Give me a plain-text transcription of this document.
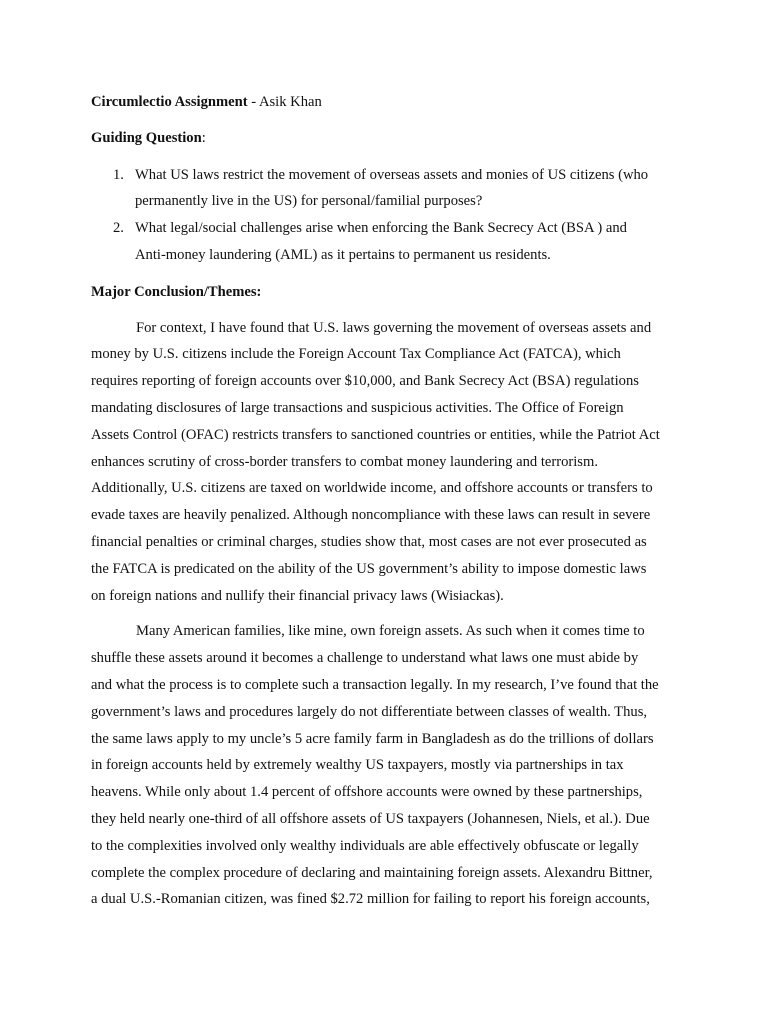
Circumlectio Assignment - Asik Khan

Guiding Question:

1. What US laws restrict the movement of overseas assets and monies of US citizens (who
permanently live in the US) for personal/familial purposes?
2. What legal/social challenges arise when enforcing the Bank Secrecy Act (BSA ) and
Anti-money laundering (AML) as it pertains to permanent us residents.

Major Conclusion/Themes:

For context, I have found that U.S. laws governing the movement of overseas assets and
money by U.S. citizens include the Foreign Account Tax Compliance Act (FATCA), which
requires reporting of foreign accounts over $10,000, and Bank Secrecy Act (BSA) regulations
mandating disclosures of large transactions and suspicious activities. The Office of Foreign
Assets Control (OFAC) restricts transfers to sanctioned countries or entities, while the Patriot Act
enhances scrutiny of cross-border transfers to combat money laundering and terrorism.
Additionally, U.S. citizens are taxed on worldwide income, and offshore accounts or transfers to
evade taxes are heavily penalized. Although noncompliance with these laws can result in severe
financial penalties or criminal charges, studies show that, most cases are not ever prosecuted as
the FATCA is predicated on the ability of the US government’s ability to impose domestic laws
on foreign nations and nullify their financial privacy laws (Wisiackas).

Many American families, like mine, own foreign assets. As such when it comes time to
shuffle these assets around it becomes a challenge to understand what laws one must abide by
and what the process is to complete such a transaction legally. In my research, I’ve found that the
government’s laws and procedures largely do not differentiate between classes of wealth. Thus,
the same laws apply to my uncle’s 5 acre family farm in Bangladesh as do the trillions of dollars
in foreign accounts held by extremely wealthy US taxpayers, mostly via partnerships in tax
heavens. While only about 1.4 percent of offshore accounts were owned by these partnerships,
they held nearly one-third of all offshore assets of US taxpayers (Johannesen, Niels, et al.). Due
to the complexities involved only wealthy individuals are able effectively obfuscate or legally
complete the complex procedure of declaring and maintaining foreign assets. Alexandru Bittner,
a dual U.S.-Romanian citizen, was fined $2.72 million for failing to report his foreign accounts,
